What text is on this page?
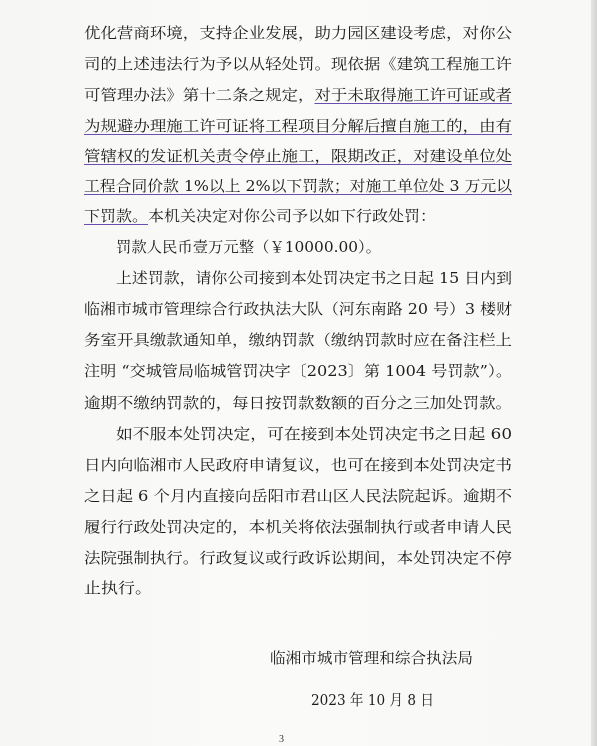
优化营商环境，支持企业发展，助力园区建设考虑，对你公
司的上述违法行为予以从轻处罚。现依据《建筑工程施工许
可管理办法》第十二条之规定，对于未取得施工许可证或者
为规避办理施工许可证将工程项目分解后擅自施工的，由有
管辖权的发证机关责令停止施工，限期改正，对建设单位处
工程合同价款 1%以上 2%以下罚款；对施工单位处 3 万元以
下罚款。本机关决定对你公司予以如下行政处罚：
罚款人民币壹万元整（￥10000.00）。
上述罚款，请你公司接到本处罚决定书之日起 15 日内到
临湘市城市管理综合行政执法大队（河东南路 20 号）3 楼财
务室开具缴款通知单，缴纳罚款（缴纳罚款时应在备注栏上
注明 “交城管局临城管罚决字〔2023〕第 1004 号罚款”）。
逾期不缴纳罚款的，每日按罚款数额的百分之三加处罚款。
如不服本处罚决定，可在接到本处罚决定书之日起 60
日内向临湘市人民政府申请复议，也可在接到本处罚决定书
之日起 6 个月内直接向岳阳市君山区人民法院起诉。逾期不
履行行政处罚决定的，本机关将依法强制执行或者申请人民
法院强制执行。行政复议或行政诉讼期间，本处罚决定不停
止执行。
临湘市城市管理和综合执法局
2023 年 10 月 8 日
3
